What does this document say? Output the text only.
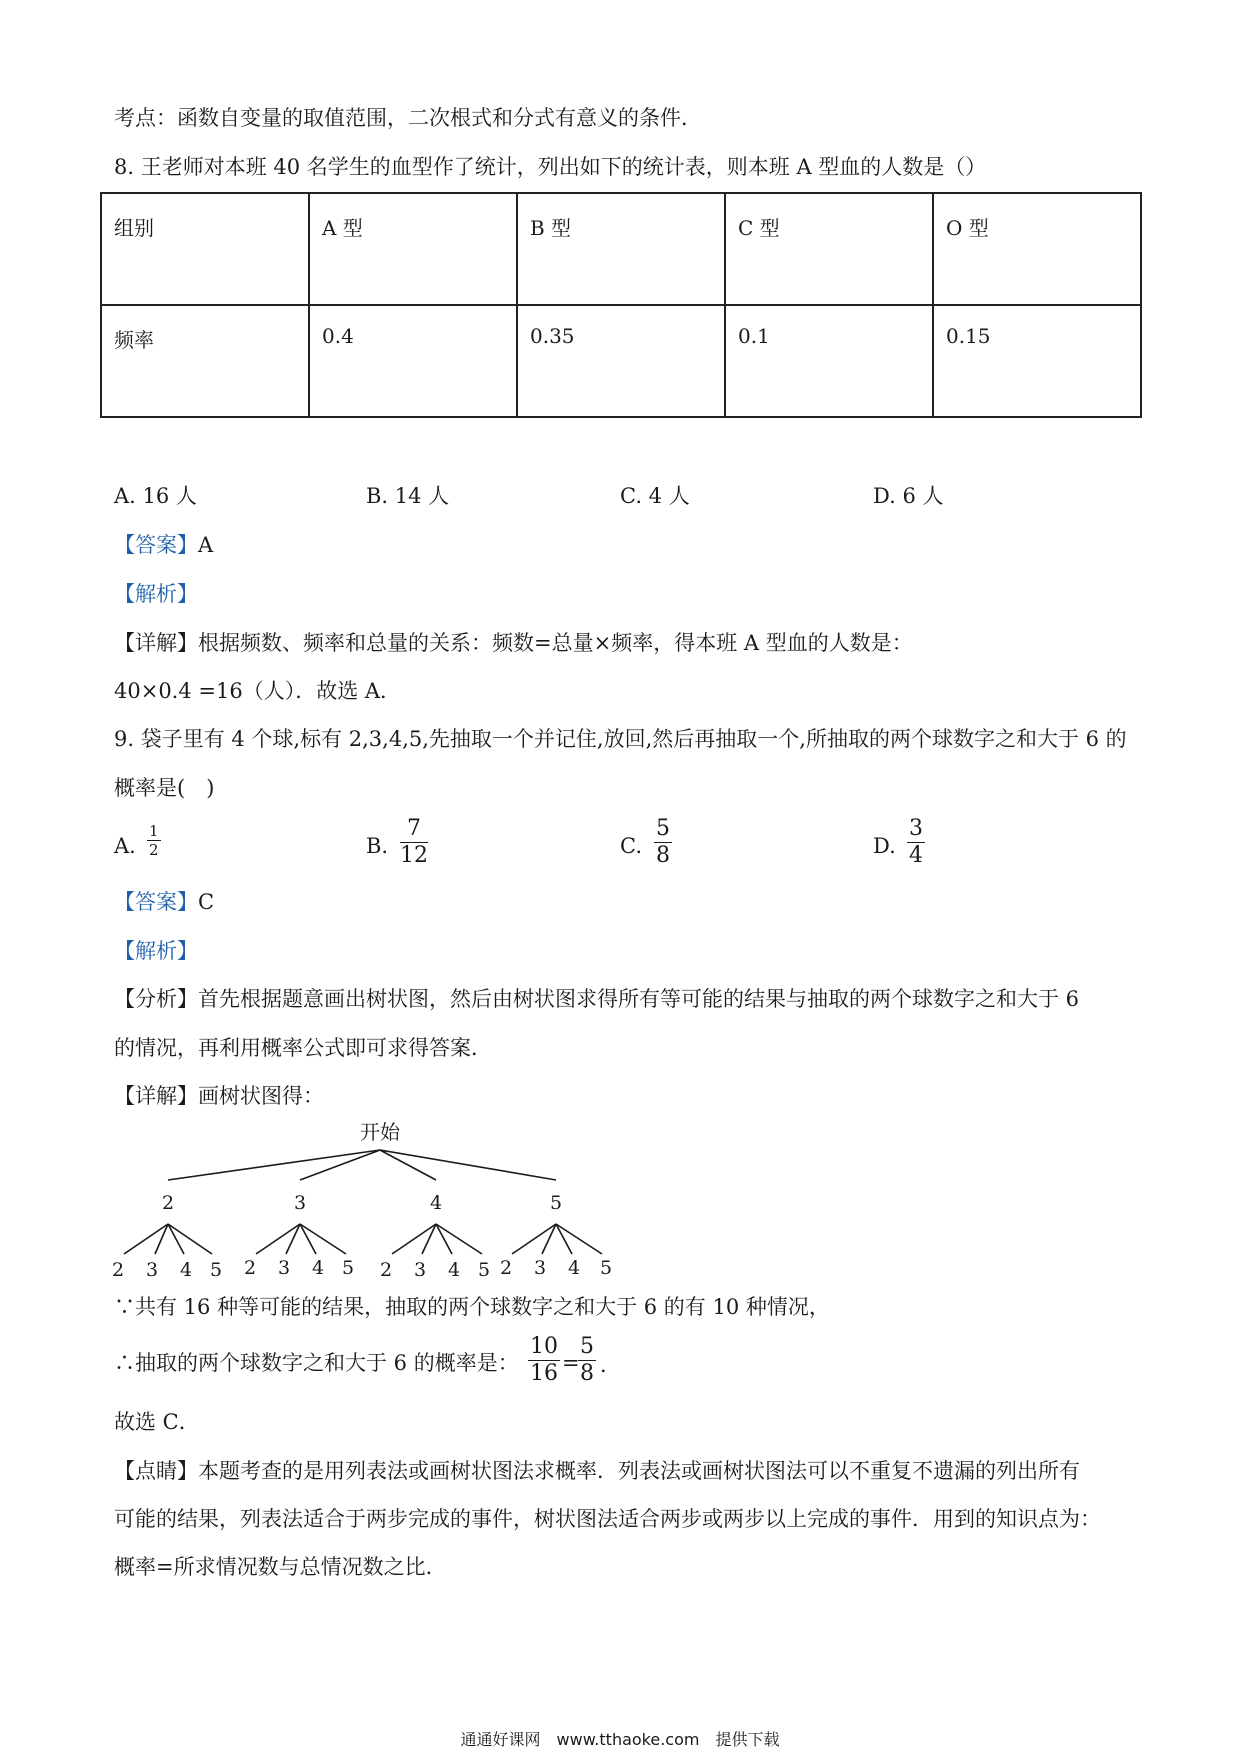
考点：函数自变量的取值范围，二次根式和分式有意义的条件．
8. 王老师对本班 40 名学生的血型作了统计，列出如下的统计表，则本班 A 型血的人数是（）
组别	A 型	B 型	C 型	O 型
频率	0.4	0.35	0.1	0.15
A. 16 人	B. 14 人	C. 4 人	D. 6 人
【答案】A
【解析】
【详解】根据频数、频率和总量的关系：频数=总量×频率，得本班 A 型血的人数是：
40×0.4 =16（人）．故选 A．
9. 袋子里有 4 个球,标有 2,3,4,5,先抽取一个并记住,放回,然后再抽取一个,所抽取的两个球数字之和大于 6 的
概率是(　)
A. $\frac{1}{2}$	B. $\frac{7}{12}$	C. $\frac{5}{8}$	D. $\frac{3}{4}$
【答案】C
【解析】
【分析】首先根据题意画出树状图，然后由树状图求得所有等可能的结果与抽取的两个球数字之和大于 6
的情况，再利用概率公式即可求得答案．
【详解】画树状图得：
开始
2	3	4	5
2 3 4 5 2 3 4 5 2 3 4 5 2 3 4 5
∵共有 16 种等可能的结果，抽取的两个球数字之和大于 6 的有 10 种情况，
∴抽取的两个球数字之和大于 6 的概率是： $\frac{10}{16}$ =
$\frac{5}{8}$ ．
故选 C．
【点睛】本题考查的是用列表法或画树状图法求概率．列表法或画树状图法可以不重复不遗漏的列出所有
可能的结果，列表法适合于两步完成的事件，树状图法适合两步或两步以上完成的事件．用到的知识点为：
概率=所求情况数与总情况数之比．
通通好课网　www.tthaoke.com　提供下载
